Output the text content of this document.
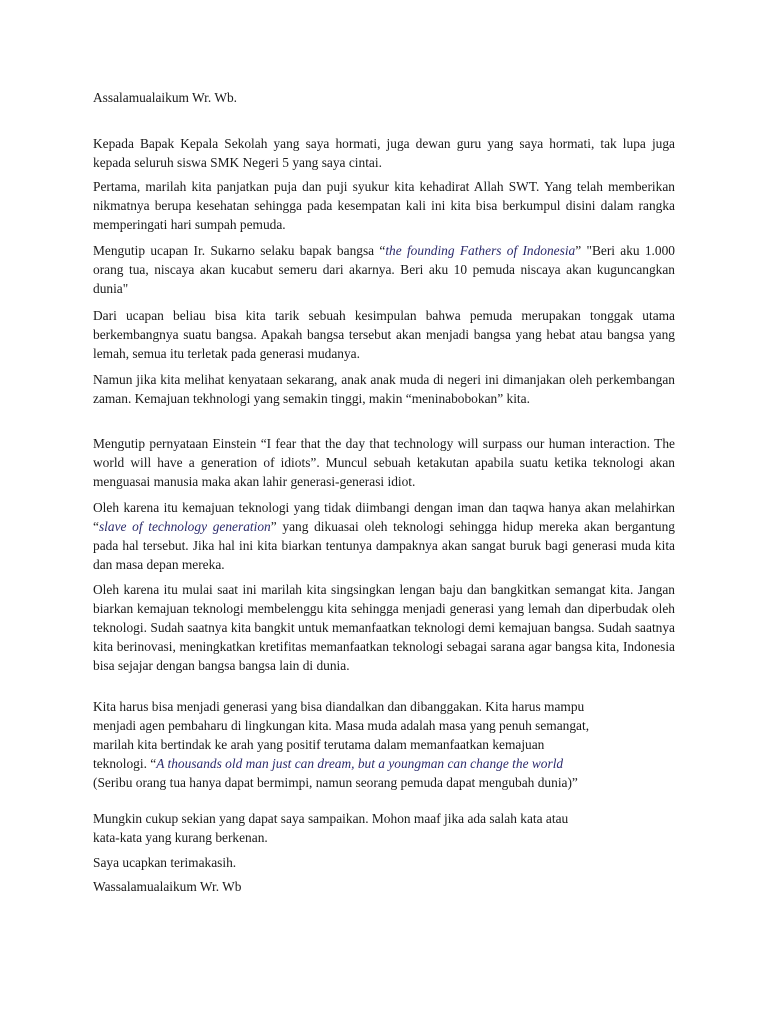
Assalamualaikum Wr. Wb.

Kepada Bapak Kepala Sekolah yang saya hormati, juga dewan guru yang saya hormati, tak lupa juga kepada seluruh siswa SMK Negeri 5 yang saya cintai.

Pertama, marilah kita panjatkan puja dan puji syukur kita kehadirat Allah SWT. Yang telah memberikan nikmatnya berupa kesehatan sehingga pada kesempatan kali ini kita bisa berkumpul disini dalam rangka memperingati hari sumpah pemuda.

Mengutip ucapan Ir. Sukarno selaku bapak bangsa “the founding Fathers of Indonesia” "Beri aku 1.000 orang tua, niscaya akan kucabut semeru dari akarnya. Beri aku 10 pemuda niscaya akan kuguncangkan dunia"

Dari ucapan beliau bisa kita tarik sebuah kesimpulan bahwa pemuda merupakan tonggak utama berkembangnya suatu bangsa. Apakah bangsa tersebut akan menjadi bangsa yang hebat atau bangsa yang lemah, semua itu terletak pada generasi mudanya.

Namun jika kita melihat kenyataan sekarang, anak anak muda di negeri ini dimanjakan oleh perkembangan zaman. Kemajuan tekhnologi yang semakin tinggi, makin “meninabobokan” kita.

Mengutip pernyataan Einstein “I fear that the day that technology will surpass our human interaction. The world will have a generation of idiots”. Muncul sebuah ketakutan apabila suatu ketika teknologi akan menguasai manusia maka akan lahir generasi-generasi idiot.

Oleh karena itu kemajuan teknologi yang tidak diimbangi dengan iman dan taqwa hanya akan melahirkan “slave of technology generation” yang dikuasai oleh teknologi sehingga hidup mereka akan bergantung pada hal tersebut. Jika hal ini kita biarkan tentunya dampaknya akan sangat buruk bagi generasi muda kita dan masa depan mereka.

Oleh karena itu mulai saat ini marilah kita singsingkan lengan baju dan bangkitkan semangat kita. Jangan biarkan kemajuan teknologi membelenggu kita sehingga menjadi generasi yang lemah dan diperbudak oleh teknologi. Sudah saatnya kita bangkit untuk memanfaatkan teknologi demi kemajuan bangsa. Sudah saatnya kita berinovasi, meningkatkan kretifitas memanfaatkan teknologi sebagai sarana agar bangsa kita, Indonesia bisa sejajar dengan bangsa bangsa lain di dunia.

Kita harus bisa menjadi generasi yang bisa diandalkan dan dibanggakan. Kita harus mampu
menjadi agen pembaharu di lingkungan kita. Masa muda adalah masa yang penuh semangat,
marilah kita bertindak ke arah yang positif terutama dalam memanfaatkan kemajuan
teknologi. “A thousands old man just can dream, but a youngman can change the world
(Seribu orang tua hanya dapat bermimpi, namun seorang pemuda dapat mengubah dunia)”
Mungkin cukup sekian yang dapat saya sampaikan. Mohon maaf jika ada salah kata atau
kata-kata yang kurang berkenan.

Saya ucapkan terimakasih.

Wassalamualaikum Wr. Wb
